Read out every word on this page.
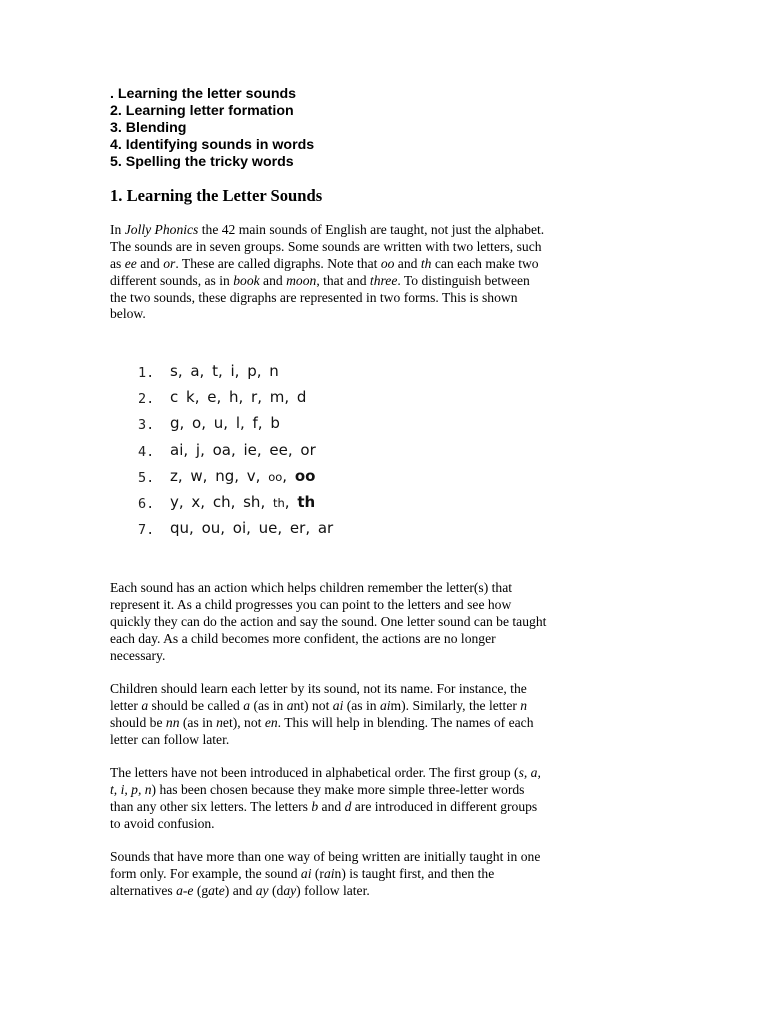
. Learning the letter sounds
2. Learning letter formation
3. Blending
4. Identifying sounds in words
5. Spelling the tricky words
1. Learning the Letter Sounds
In Jolly Phonics the 42 main sounds of English are taught, not just the alphabet.
The sounds are in seven groups. Some sounds are written with two letters, such
as ee and or. These are called digraphs. Note that oo and th can each make two
different sounds, as in book and moon, that and three. To distinguish between
the two sounds, these digraphs are represented in two forms. This is shown
below.
1.	s, a, t, i, p, n
2.	c k, e, h, r, m, d
3.	g, o, u, l, f, b
4.	ai, j, oa, ie, ee, or
5.	z, w, ng, v, oo, oo
6.	y, x, ch, sh, th, th
7.	qu, ou, oi, ue, er, ar
Each sound has an action which helps children remember the letter(s) that
represent it. As a child progresses you can point to the letters and see how
quickly they can do the action and say the sound. One letter sound can be taught
each day. As a child becomes more confident, the actions are no longer
necessary.
Children should learn each letter by its sound, not its name. For instance, the
letter a should be called a (as in ant) not ai (as in aim). Similarly, the letter n
should be nn (as in net), not en. This will help in blending. The names of each
letter can follow later.
The letters have not been introduced in alphabetical order. The first group (s, a,
t, i, p, n) has been chosen because they make more simple three-letter words
than any other six letters. The letters b and d are introduced in different groups
to avoid confusion.
Sounds that have more than one way of being written are initially taught in one
form only. For example, the sound ai (rain) is taught first, and then the
alternatives a-e (gate) and ay (day) follow later.
